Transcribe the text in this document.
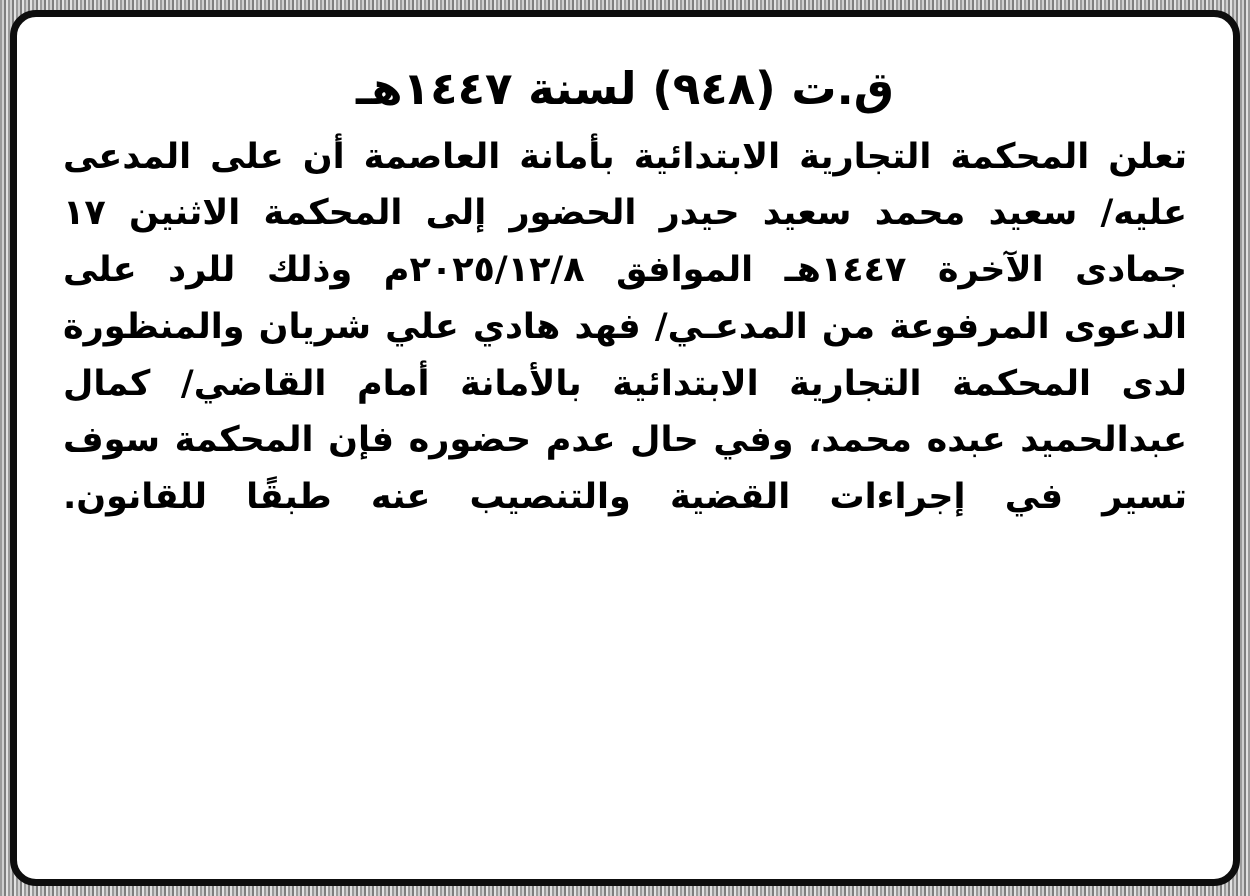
ق.ت (٩٤٨) لسنة ١٤٤٧هـ
تعلن المحكمة التجارية الابتدائية بأمانة العاصمة أن على المدعى عليه/ سعيد محمد سعيد حيدر الحضور إلى المحكمة الاثنين ١٧ جمادى الآخرة ١٤٤٧هـ الموافق ٢٠٢٥/١٢/٨م وذلك للرد على الدعوى المرفوعة من المدعـي/ فهد هادي علي شريان والمنظورة لدى المحكمة التجارية الابتدائية بالأمانة أمام القاضي/ كمال عبدالحميد عبده محمد، وفي حال عدم حضوره فإن المحكمة سوف تسير في إجراءات القضية والتنصيب عنه طبقًا للقانون.
